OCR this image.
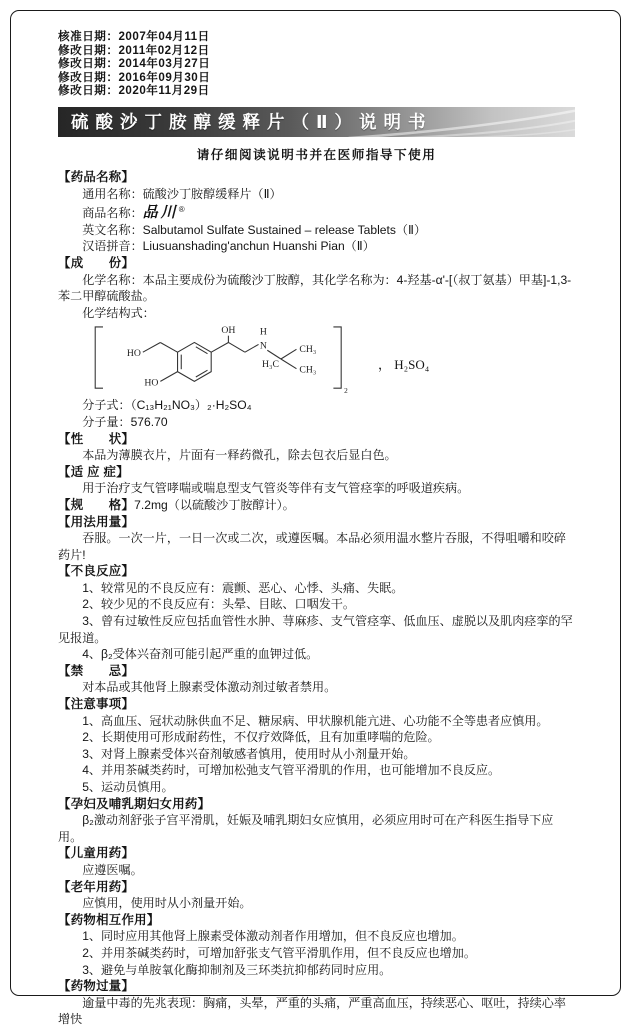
核准日期：2007年04月11日
修改日期：2011年02月12日
修改日期：2014年03月27日
修改日期：2016年09月30日
修改日期：2020年11月29日
硫酸沙丁胺醇缓释片（Ⅱ）说明书
请仔细阅读说明书并在医师指导下使用

【药品名称】

通用名称：硫酸沙丁胺醇缓释片（Ⅱ）

商品名称：品川®

英文名称：Salbutamol Sulfate Sustained – release Tablets（Ⅱ）

汉语拼音：Liusuanshading'anchun Huanshi Pian（Ⅱ）

【成　　份】

化学名称：本品主要成份为硫酸沙丁胺醇，其化学名称为：4-羟基-α'-[（叔丁氨基）甲基]-1,3-苯二甲醇硫酸盐。

化学结构式：

2
HO
HO
OH
N
H
H₃C
CH₃
CH₃	， H₂SO₄

分子式：（C₁₃H₂₁NO₃）₂·H₂SO₄

分子量：576.70

【性　　状】

本品为薄膜衣片，片面有一释药微孔，除去包衣后显白色。

【适 应 症】

用于治疗支气管哮喘或喘息型支气管炎等伴有支气管痉挛的呼吸道疾病。

【规　　格】7.2mg（以硫酸沙丁胺醇计）。

【用法用量】

吞服。一次一片，一日一次或二次，或遵医嘱。本品必须用温水整片吞服，不得咀嚼和咬碎药片!

【不良反应】

1、较常见的不良反应有：震颤、恶心、心悸、头痛、失眠。

2、较少见的不良反应有：头晕、目眩、口咽发干。

3、曾有过敏性反应包括血管性水肿、荨麻疹、支气管痉挛、低血压、虚脱以及肌肉痉挛的罕见报道。

4、β₂受体兴奋剂可能引起严重的血钾过低。

【禁　　忌】

对本品或其他肾上腺素受体激动剂过敏者禁用。

【注意事项】

1、高血压、冠状动脉供血不足、糖尿病、甲状腺机能亢进、心功能不全等患者应慎用。

2、长期使用可形成耐药性，不仅疗效降低，且有加重哮喘的危险。

3、对肾上腺素受体兴奋剂敏感者慎用，使用时从小剂量开始。

4、并用茶碱类药时，可增加松弛支气管平滑肌的作用，也可能增加不良反应。

5、运动员慎用。

【孕妇及哺乳期妇女用药】

β₂激动剂舒张子宫平滑肌，妊娠及哺乳期妇女应慎用，必须应用时可在产科医生指导下应用。

【儿童用药】

应遵医嘱。

【老年用药】

应慎用，使用时从小剂量开始。

【药物相互作用】

1、同时应用其他肾上腺素受体激动剂者作用增加，但不良反应也增加。

2、并用茶碱类药时，可增加舒张支气管平滑肌作用，但不良反应也增加。

3、避免与单胺氧化酶抑制剂及三环类抗抑郁药同时应用。

【药物过量】

逾量中毒的先兆表现：胸痛，头晕，严重的头痛，严重高血压，持续恶心、呕吐，持续心率增快
